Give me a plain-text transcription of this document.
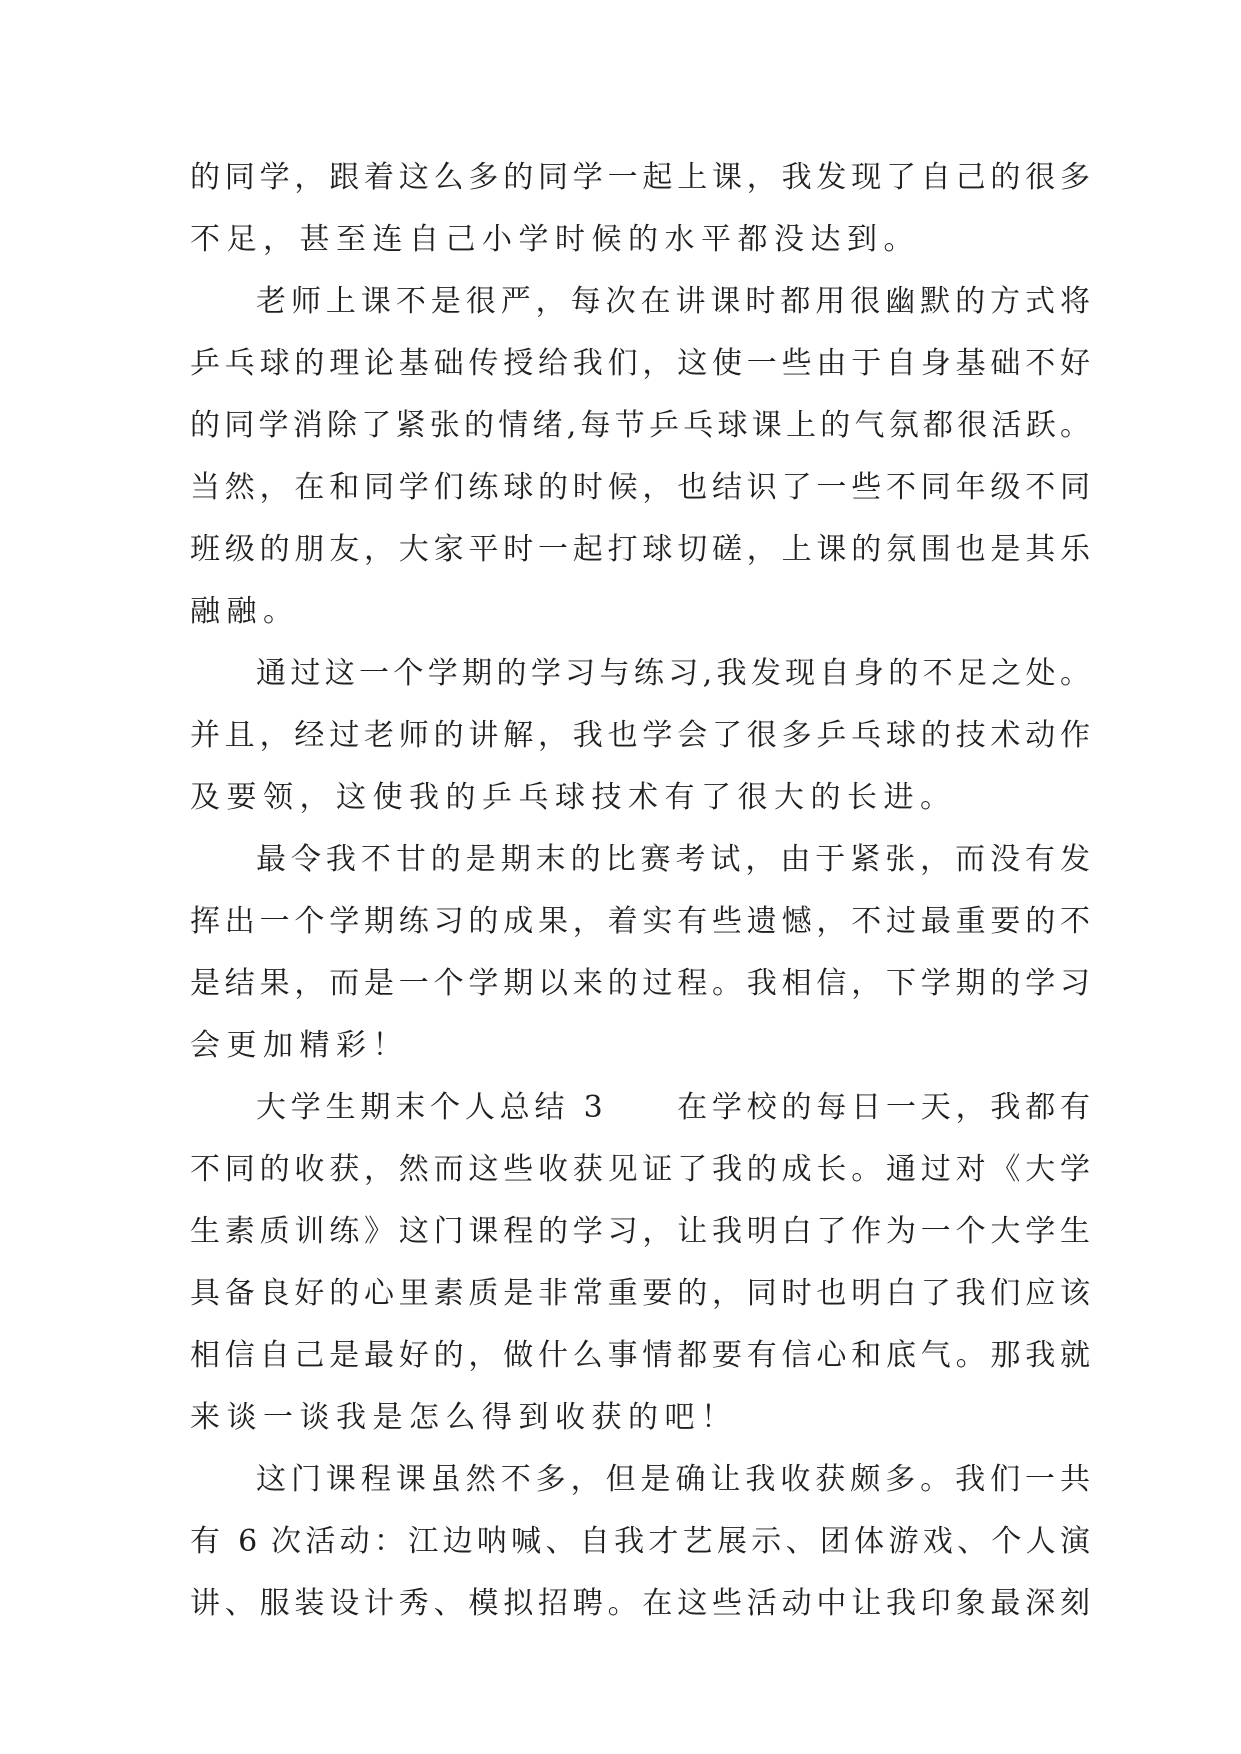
的同学，跟着这么多的同学一起上课，我发现了自己的很多
不足，甚至连自己小学时候的水平都没达到。
老师上课不是很严，每次在讲课时都用很幽默的方式将
乒乓球的理论基础传授给我们，这使一些由于自身基础不好
的同学消除了紧张的情绪,每节乒乓球课上的气氛都很活跃。
当然，在和同学们练球的时候，也结识了一些不同年级不同
班级的朋友，大家平时一起打球切磋，上课的氛围也是其乐
融融。
通过这一个学期的学习与练习,我发现自身的不足之处。
并且，经过老师的讲解，我也学会了很多乒乓球的技术动作
及要领，这使我的乒乓球技术有了很大的长进。
最令我不甘的是期末的比赛考试，由于紧张，而没有发
挥出一个学期练习的成果，着实有些遗憾，不过最重要的不
是结果，而是一个学期以来的过程。我相信，下学期的学习
会更加精彩！
大学生期末个人总结 3　　在学校的每日一天，我都有
不同的收获，然而这些收获见证了我的成长。通过对《大学
生素质训练》这门课程的学习，让我明白了作为一个大学生
具备良好的心里素质是非常重要的，同时也明白了我们应该
相信自己是最好的，做什么事情都要有信心和底气。那我就
来谈一谈我是怎么得到收获的吧！
这门课程课虽然不多，但是确让我收获颇多。我们一共
有 6 次活动：江边呐喊、自我才艺展示、团体游戏、个人演
讲、服装设计秀、模拟招聘。在这些活动中让我印象最深刻
